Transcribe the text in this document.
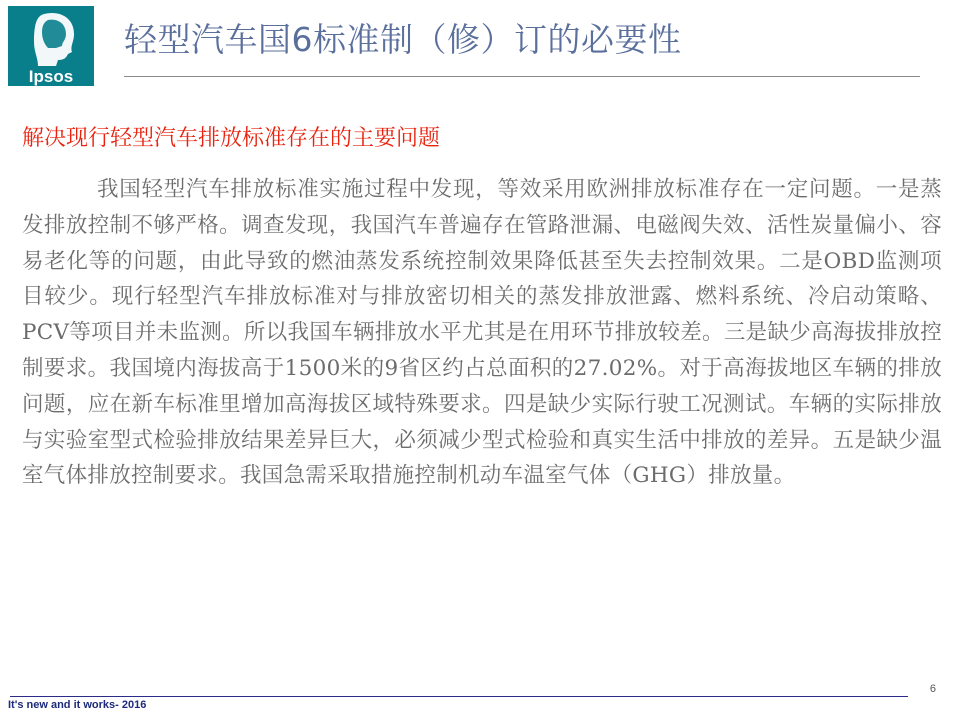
Ipsos
轻型汽车国6标准制（修）订的必要性
解决现行轻型汽车排放标准存在的主要问题

我国轻型汽车排放标准实施过程中发现，等效采用欧洲排放标准存在一定问题。一是蒸发排放控制不够严格。调查发现，我国汽车普遍存在管路泄漏、电磁阀失效、活性炭量偏小、容易老化等的问题，由此导致的燃油蒸发系统控制效果降低甚至失去控制效果。二是OBD监测项目较少。现行轻型汽车排放标准对与排放密切相关的蒸发排放泄露、燃料系统、冷启动策略、PCV等项目并未监测。所以我国车辆排放水平尤其是在用环节排放较差。三是缺少高海拔排放控制要求。我国境内海拔高于1500米的9省区约占总面积的27.02%。对于高海拔地区车辆的排放问题，应在新车标准里增加高海拔区域特殊要求。四是缺少实际行驶工况测试。车辆的实际排放与实验室型式检验排放结果差异巨大，必须减少型式检验和真实生活中排放的差异。五是缺少温室气体排放控制要求。我国急需采取措施控制机动车温室气体（GHG）排放量。

6
It's new and it works- 2016
